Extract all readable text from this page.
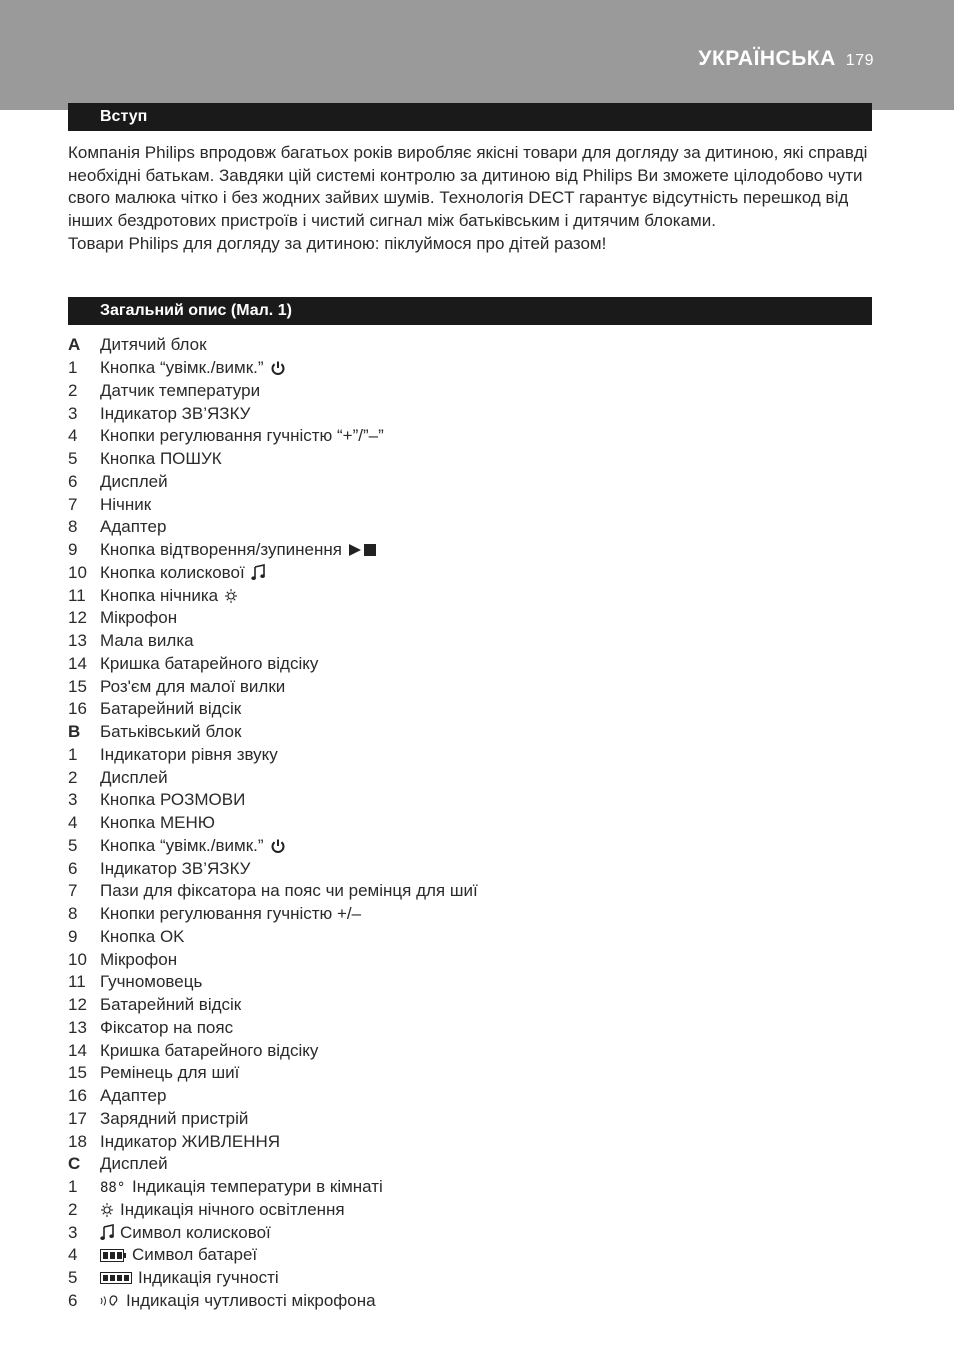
УКРАЇНСЬКА 179
Вступ

Компанія Philips впродовж багатьох років виробляє якісні товари для догляду за дитиною, які справді необхідні батькам. Завдяки цій системі контролю за дитиною від Philips Ви зможете цілодобово чути свого малюка чітко і без жодних зайвих шумів. Технологія DECT гарантує відсутність перешкод від інших бездротових пристроїв і чистий сигнал між батьківським і дитячим блоками.

Товари Philips для догляду за дитиною: піклуймося про дітей разом!

Загальний опис (Мал. 1)
A	Дитячий блок
1	Кнопка “увімк./вимк.”
2	Датчик температури
3	Індикатор ЗВ’ЯЗКУ
4	Кнопки регулювання гучністю “+”/”–”
5	Кнопка ПОШУК
6	Дисплей
7	Нічник
8	Адаптер
9	Кнопка відтворення/зупинення
10 Кнопка колискової
11 Кнопка нічника
12 Мікрофон
13 Мала вилка
14 Кришка батарейного відсіку
15 Роз'єм для малої вилки
16 Батарейний відсік
B	Батьківський блок
1	Індикатори рівня звуку
2	Дисплей
3	Кнопка РОЗМОВИ
4	Кнопка МЕНЮ
5	Кнопка “увімк./вимк.”
6	Індикатор ЗВ’ЯЗКУ
7	Пази для фіксатора на пояс чи ремінця для шиї
8	Кнопки регулювання гучністю +/–
9	Кнопка OK
10 Мікрофон
11 Гучномовець
12 Батарейний відсік
13 Фіксатор на пояс
14 Кришка батарейного відсіку
15 Ремінець для шиї
16 Адаптер
17 Зарядний пристрій
18 Індикатор ЖИВЛЕННЯ
C	Дисплей
1	88° Індикація температури в кімнаті
2	Індикація нічного освітлення
3	Символ колискової
4	Символ батареї
5	Індикація гучності
6	Індикація чутливості мікрофона
